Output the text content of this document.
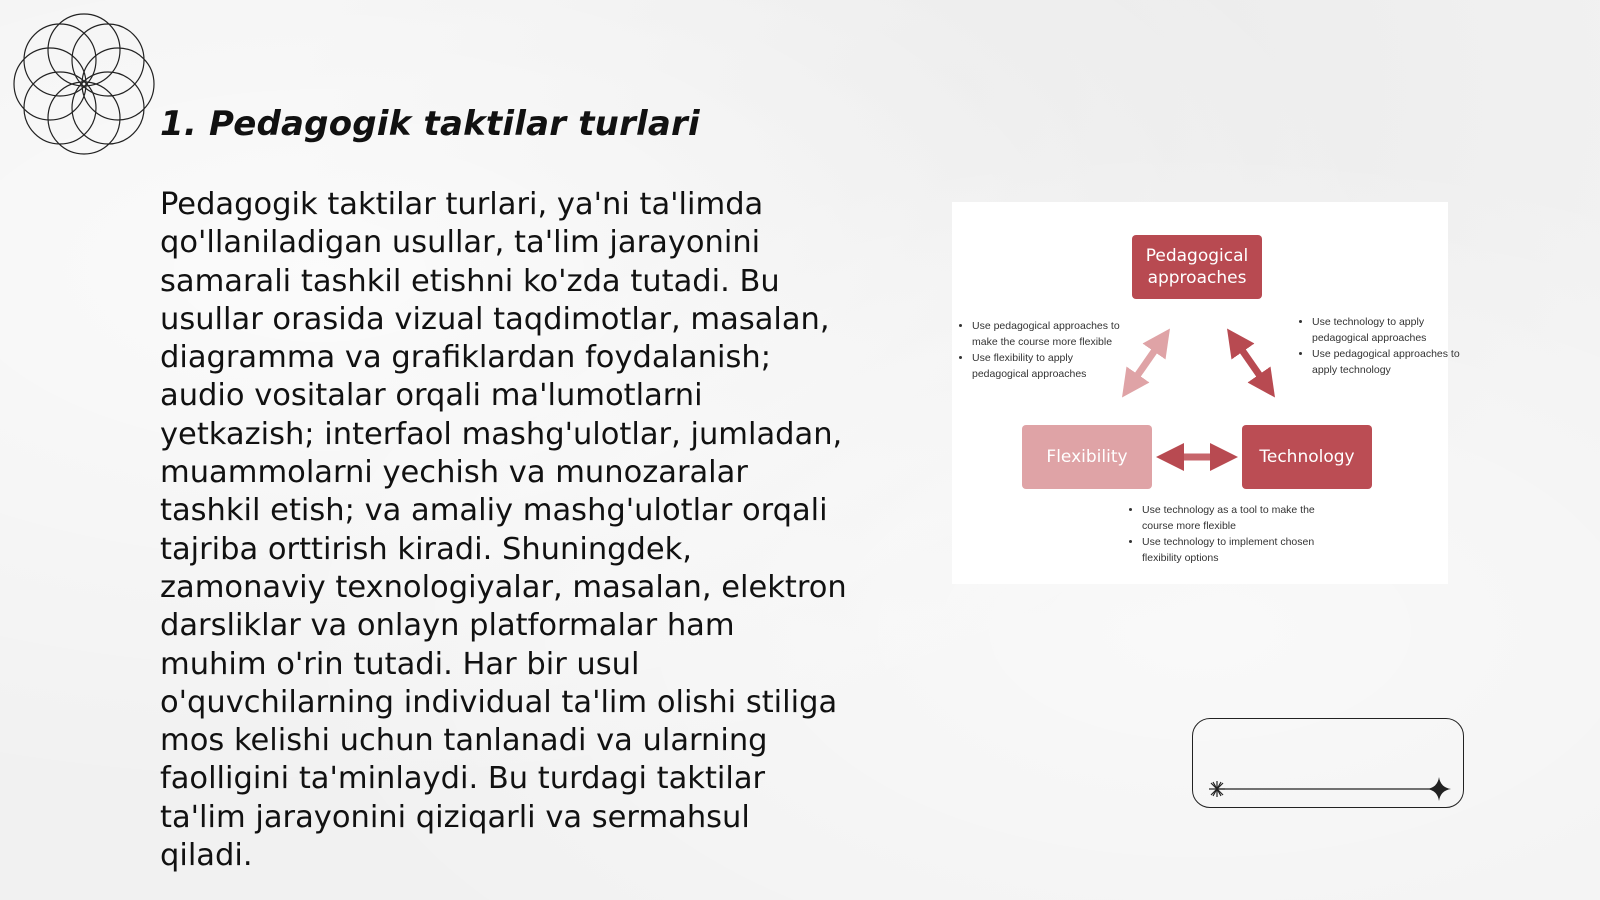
1. Pedagogik taktilar turlari

Pedagogik taktilar turlari, ya'ni ta'limda qo'llaniladigan usullar, ta'lim jarayonini samarali tashkil etishni ko'zda tutadi. Bu usullar orasida vizual taqdimotlar, masalan, diagramma va grafiklardan foydalanish; audio vositalar orqali ma'lumotlarni yetkazish; interfaol mashg'ulotlar, jumladan, muammolarni yechish va munozaralar tashkil etish; va amaliy mashg'ulotlar orqali tajriba orttirish kiradi. Shuningdek, zamonaviy texnologiyalar, masalan, elektron darsliklar va onlayn platformalar ham muhim o'rin tutadi. Har bir usul o'quvchilarning individual ta'lim olishi stiliga mos kelishi uchun tanlanadi va ularning faolligini ta'minlaydi. Bu turdagi taktilar ta'lim jarayonini qiziqarli va sermahsul qiladi.

Pedagogical approaches
Flexibility	Technology
• Use pedagogical approaches to make the course more flexible
• Use flexibility to apply pedagogical approaches
• Use technology to apply pedagogical approaches
• Use pedagogical approaches to apply technology
• Use technology as a tool to make the course more flexible
• Use technology to implement chosen flexibility options
